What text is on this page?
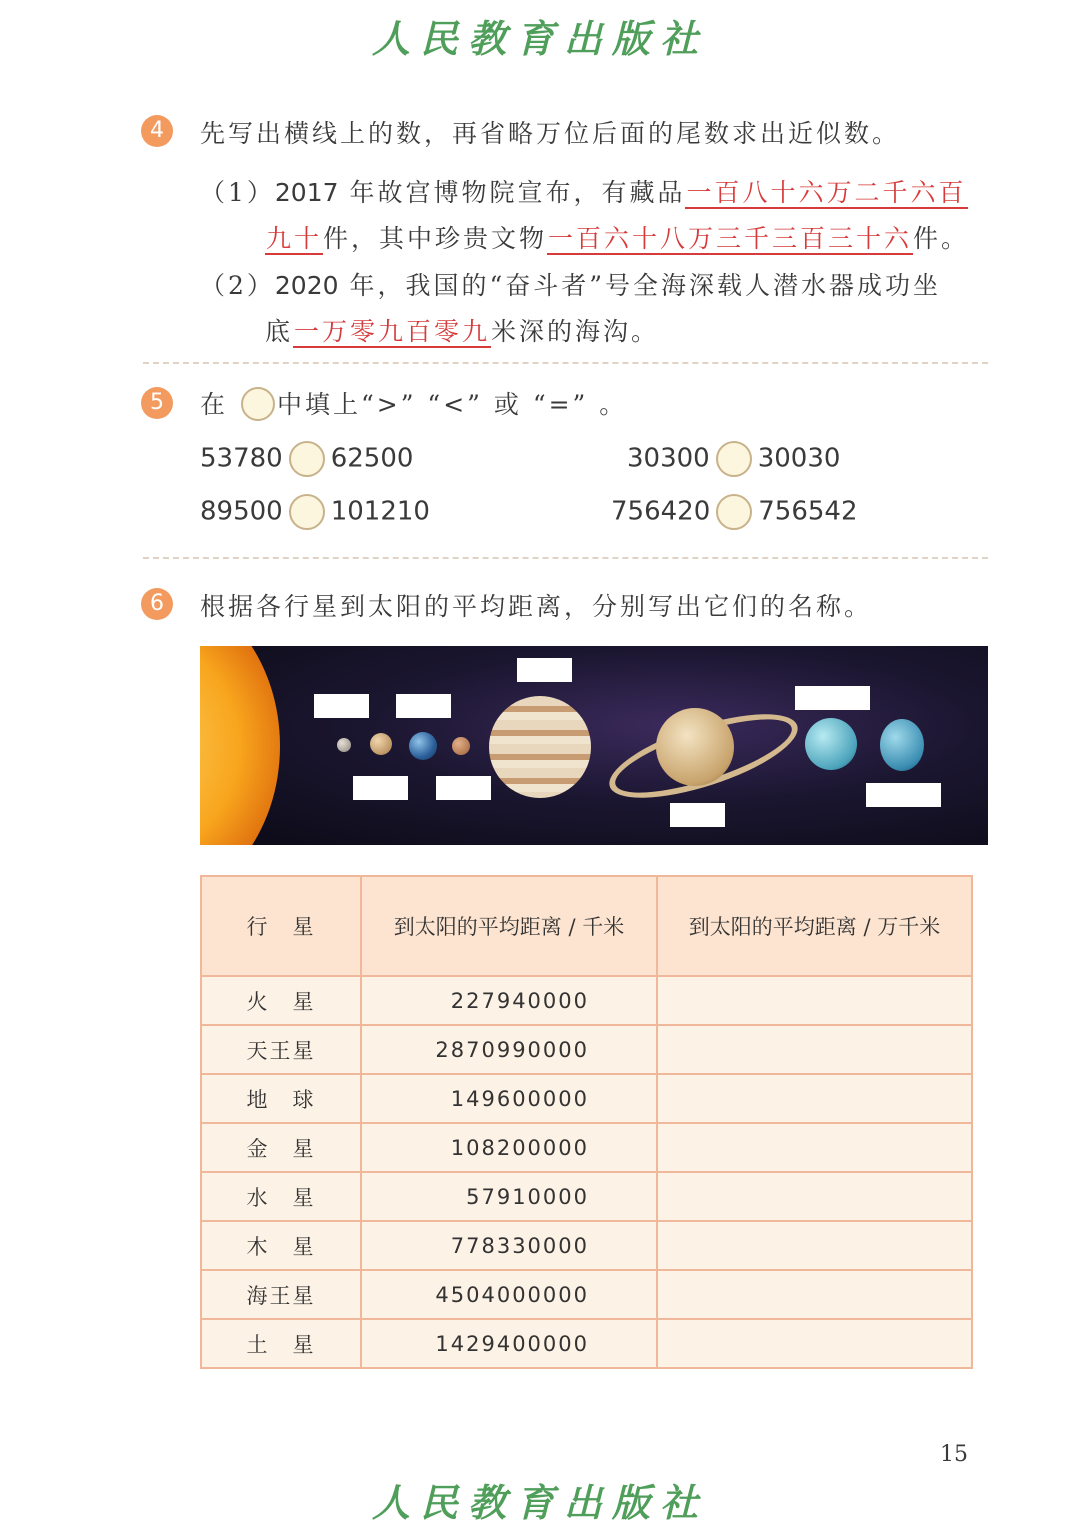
人民教育出版社
4	先写出横线上的数，再省略万位后面的尾数求出近似数。
（1）2017 年故宫博物院宣布，有藏品一百八十六万二千六百
九十件，其中珍贵文物一百六十八万三千三百三十六件。
（2）2020 年，我国的“奋斗者”号全海深载人潜水器成功坐
底一万零九百零九米深的海沟。
5	在 中填上“>” “<” 或 “=” 。
53780 62500	30300 30030
89500 101210	756420 756542
6	根据各行星到太阳的平均距离，分别写出它们的名称。
行　星	到太阳的平均距离 / 千米	到太阳的平均距离 / 万千米
火　星	227940000	

天王星	2870990000	

地　球	149600000	

金　星	108200000	

水　星	57910000	

木　星	778330000	

海王星	4504000000	

土　星	1429400000	

15
人民教育出版社
